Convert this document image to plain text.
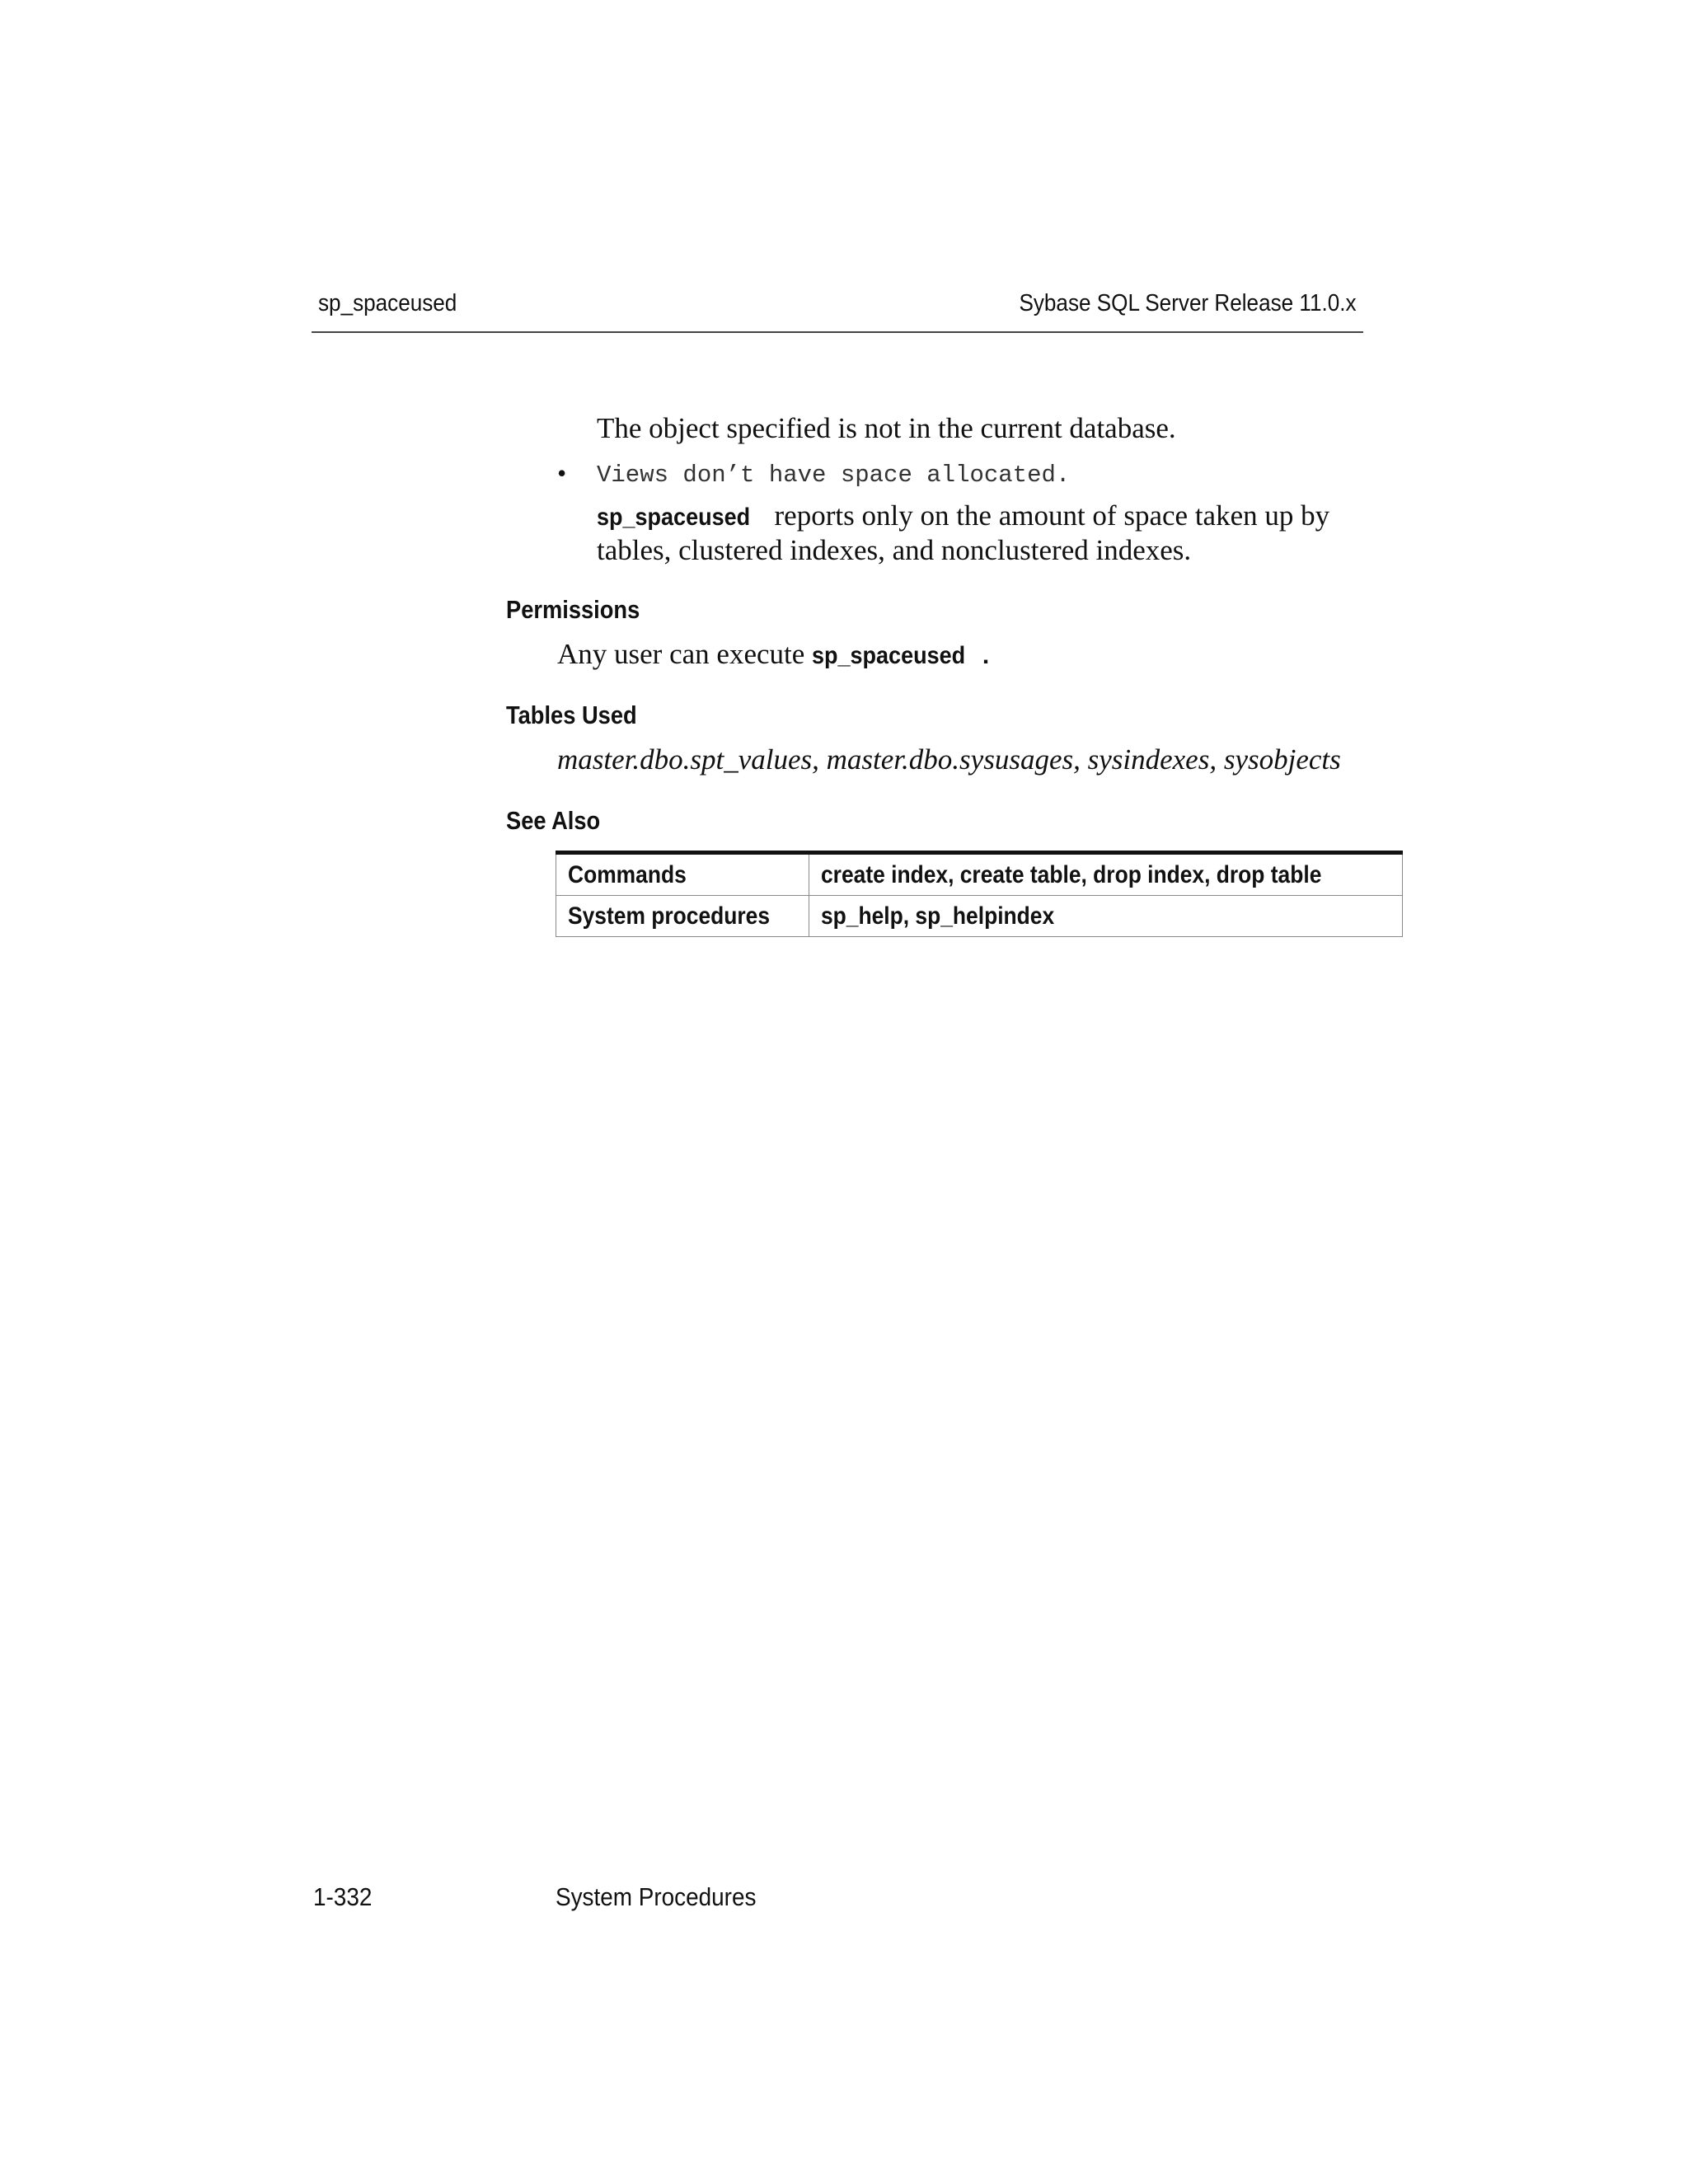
sp_spaceused	Sybase SQL Server Release 11.0.x
The object specified is not in the current database.
• Views don’t have space allocated.
sp_spaceused reports only on the amount of space taken up by
tables, clustered indexes, and nonclustered indexes.
Permissions
Any user can execute sp_spaceused .
Tables Used
master.dbo.spt_values, master.dbo.sysusages, sysindexes, sysobjects
See Also
Commands	create index, create table, drop index, drop table
System procedures	sp_help, sp_helpindex
1-332	System Procedures
